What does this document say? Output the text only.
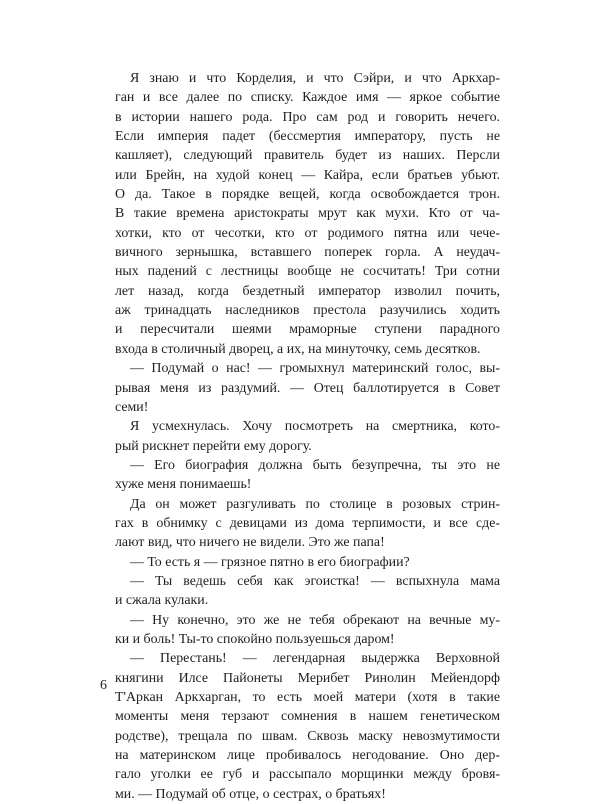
Я знаю и что Корделия, и что Сэйри, и что Аркхар-
ган и все далее по списку. Каждое имя — яркое событие
в истории нашего рода. Про сам род и говорить нечего.
Если империя падет (бессмертия императору, пусть не
кашляет), следующий правитель будет из наших. Персли
или Брейн, на худой конец — Кайра, если братьев убьют.
О да. Такое в порядке вещей, когда освобождается трон.
В такие времена аристократы мрут как мухи. Кто от ча-
хотки, кто от чесотки, кто от родимого пятна или чече-
вичного зернышка, вставшего поперек горла. А неудач-
ных падений с лестницы вообще не сосчитать! Три сотни
лет назад, когда бездетный император изволил почить,
аж тринадцать наследников престола разучились ходить
и пересчитали шеями мраморные ступени парадного
входа в столичный дворец, а их, на минуточку, семь десятков.
— Подумай о нас! — громыхнул материнский голос, вы-
рывая меня из раздумий. — Отец баллотируется в Совет
семи!
Я усмехнулась. Хочу посмотреть на смертника, кото-
рый рискнет перейти ему дорогу.
— Его биография должна быть безупречна, ты это не
хуже меня понимаешь!
Да он может разгуливать по столице в розовых стрин-
гах в обнимку с девицами из дома терпимости, и все сде-
лают вид, что ничего не видели. Это же папа!
— То есть я — грязное пятно в его биографии?
— Ты ведешь себя как эгоистка! — вспыхнула мама
и сжала кулаки.
— Ну конечно, это же не тебя обрекают на вечные му-
ки и боль! Ты-то спокойно пользуешься даром!
— Перестань! — легендарная выдержка Верховной
княгини Илсе Пайонеты Мерибет Ринолин Мейендорф
Т'Аркан Аркхарган, то есть моей матери (хотя в такие
моменты меня терзают сомнения в нашем генетическом
родстве), трещала по швам. Сквозь маску невозмутимости
на материнском лице пробивалось негодование. Оно дер-
гало уголки ее губ и рассыпало морщинки между бровя-
ми. — Подумай об отце, о сестрах, о братьях!
6
